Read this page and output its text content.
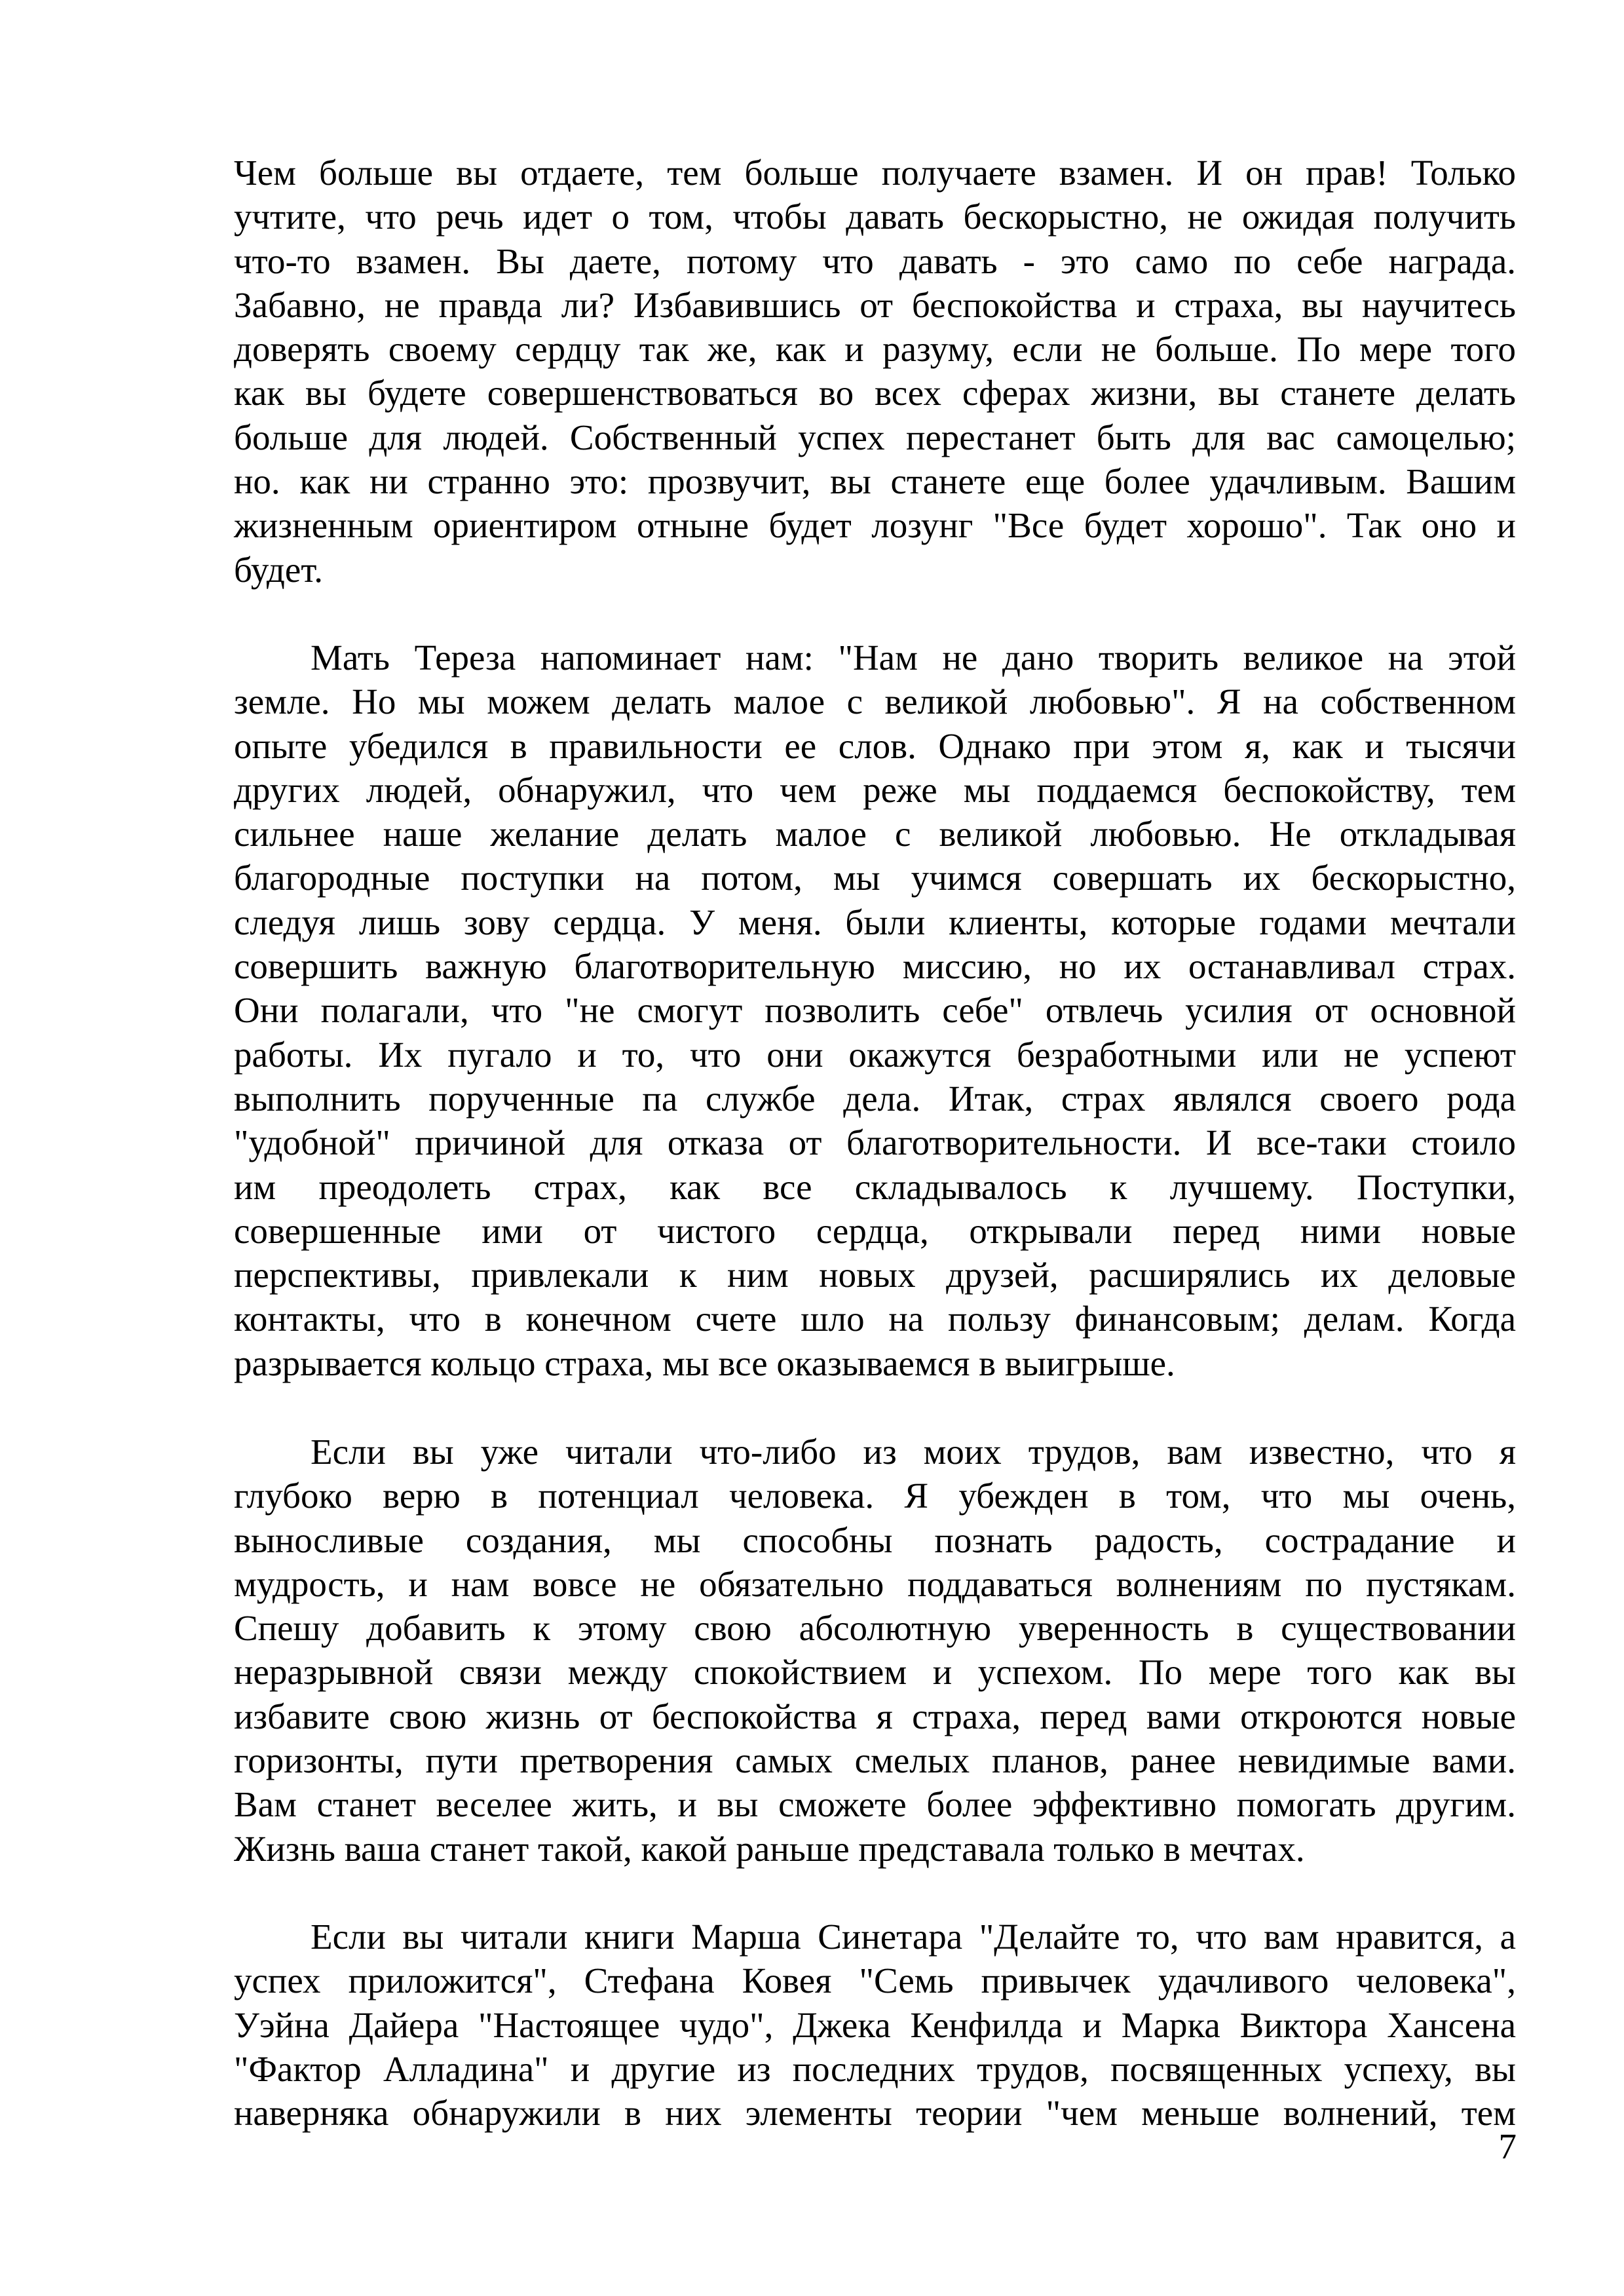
Чем больше вы отдаете, тем больше получаете взамен. И он прав! Только
учтите, что речь идет о том, чтобы давать бескорыстно, не ожидая получить
что-то взамен. Вы даете, потому что давать - это само по себе награда.
Забавно, не правда ли? Избавившись от беспокойства и страха, вы научитесь
доверять своему сердцу так же, как и разуму, если не больше. По мере того
как вы будете совершенствоваться во всех сферах жизни, вы станете делать
больше для людей. Собственный успех перестанет быть для вас самоцелью;
но. как ни странно это: прозвучит, вы станете еще более удачливым. Вашим
жизненным ориентиром отныне будет лозунг "Все будет хорошо". Так оно и
будет.
Мать Тереза напоминает нам: "Нам не дано творить великое на этой
земле. Но мы можем делать малое с великой любовью". Я на собственном
опыте убедился в правильности ее слов. Однако при этом я, как и тысячи
других людей, обнаружил, что чем реже мы поддаемся беспокойству, тем
сильнее наше желание делать малое с великой любовью. Не откладывая
благородные поступки на потом, мы учимся совершать их бескорыстно,
следуя лишь зову сердца. У меня. были клиенты, которые годами мечтали
совершить важную благотворительную миссию, но их останавливал страх.
Они полагали, что "не смогут позволить себе" отвлечь усилия от основной
работы. Их пугало и то, что они окажутся безработными или не успеют
выполнить порученные па службе дела. Итак, страх являлся своего рода
"удобной" причиной для отказа от благотворительности. И все-таки стоило
им преодолеть страх, как все складывалось к лучшему. Поступки,
совершенные ими от чистого сердца, открывали перед ними новые
перспективы, привлекали к ним новых друзей, расширялись их деловые
контакты, что в конечном счете шло на пользу финансовым; делам. Когда
разрывается кольцо страха, мы все оказываемся в выигрыше.
Если вы уже читали что-либо из моих трудов, вам известно, что я
глубоко верю в потенциал человека. Я убежден в том, что мы очень,
выносливые создания, мы способны познать радость, сострадание и
мудрость, и нам вовсе не обязательно поддаваться волнениям по пустякам.
Спешу добавить к этому свою абсолютную уверенность в существовании
неразрывной связи между спокойствием и успехом. По мере того как вы
избавите свою жизнь от беспокойства я страха, перед вами откроются новые
горизонты, пути претворения самых смелых планов, ранее невидимые вами.
Вам станет веселее жить, и вы сможете более эффективно помогать другим.
Жизнь ваша станет такой, какой раньше представала только в мечтах.
Если вы читали книги Марша Синетара "Делайте то, что вам нравится, а
успех приложится", Стефана Ковея "Семь привычек удачливого человека",
Уэйна Дайера "Настоящее чудо", Джека Кенфилда и Марка Виктора Хансена
"Фактор Алладина" и другие из последних трудов, посвященных успеху, вы
наверняка обнаружили в них элементы теории "чем меньше волнений, тем
7
